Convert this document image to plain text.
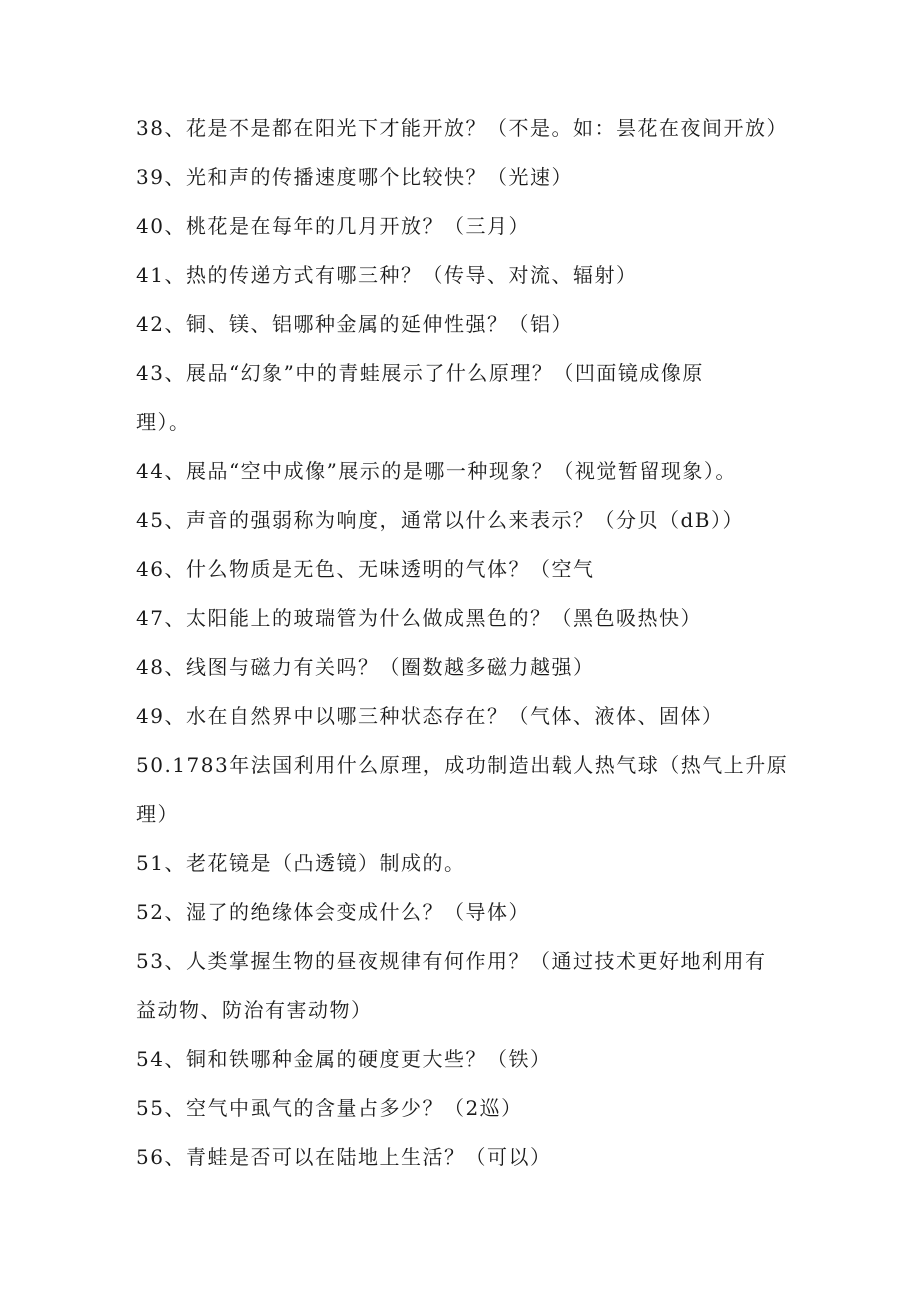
38、花是不是都在阳光下才能开放？（不是。如：昙花在夜间开放）
39、光和声的传播速度哪个比较快？（光速）
40、桃花是在每年的几月开放？（三月）
41、热的传递方式有哪三种？（传导、对流、辐射）
42、铜、镁、铝哪种金属的延伸性强？（铝）
43、展品“幻象”中的青蛙展示了什么原理？（凹面镜成像原
理）。
44、展品“空中成像”展示的是哪一种现象？（视觉暂留现象）。
45、声音的强弱称为响度，通常以什么来表示？（分贝（dB））
46、什么物质是无色、无味透明的气体？（空气
47、太阳能上的玻瑞管为什么做成黑色的？（黑色吸热快）
48、线图与磁力有关吗？（圈数越多磁力越强）
49、水在自然界中以哪三种状态存在？（气体、液体、固体）
50.1783年法国利用什么原理，成功制造出载人热气球（热气上升原
理）
51、老花镜是（凸透镜）制成的。
52、湿了的绝缘体会变成什么？（导体）
53、人类掌握生物的昼夜规律有何作用？（通过技术更好地利用有
益动物、防治有害动物）
54、铜和铁哪种金属的硬度更大些？（铁）
55、空气中虱气的含量占多少？（2巡）
56、青蛙是否可以在陆地上生活？（可以）
